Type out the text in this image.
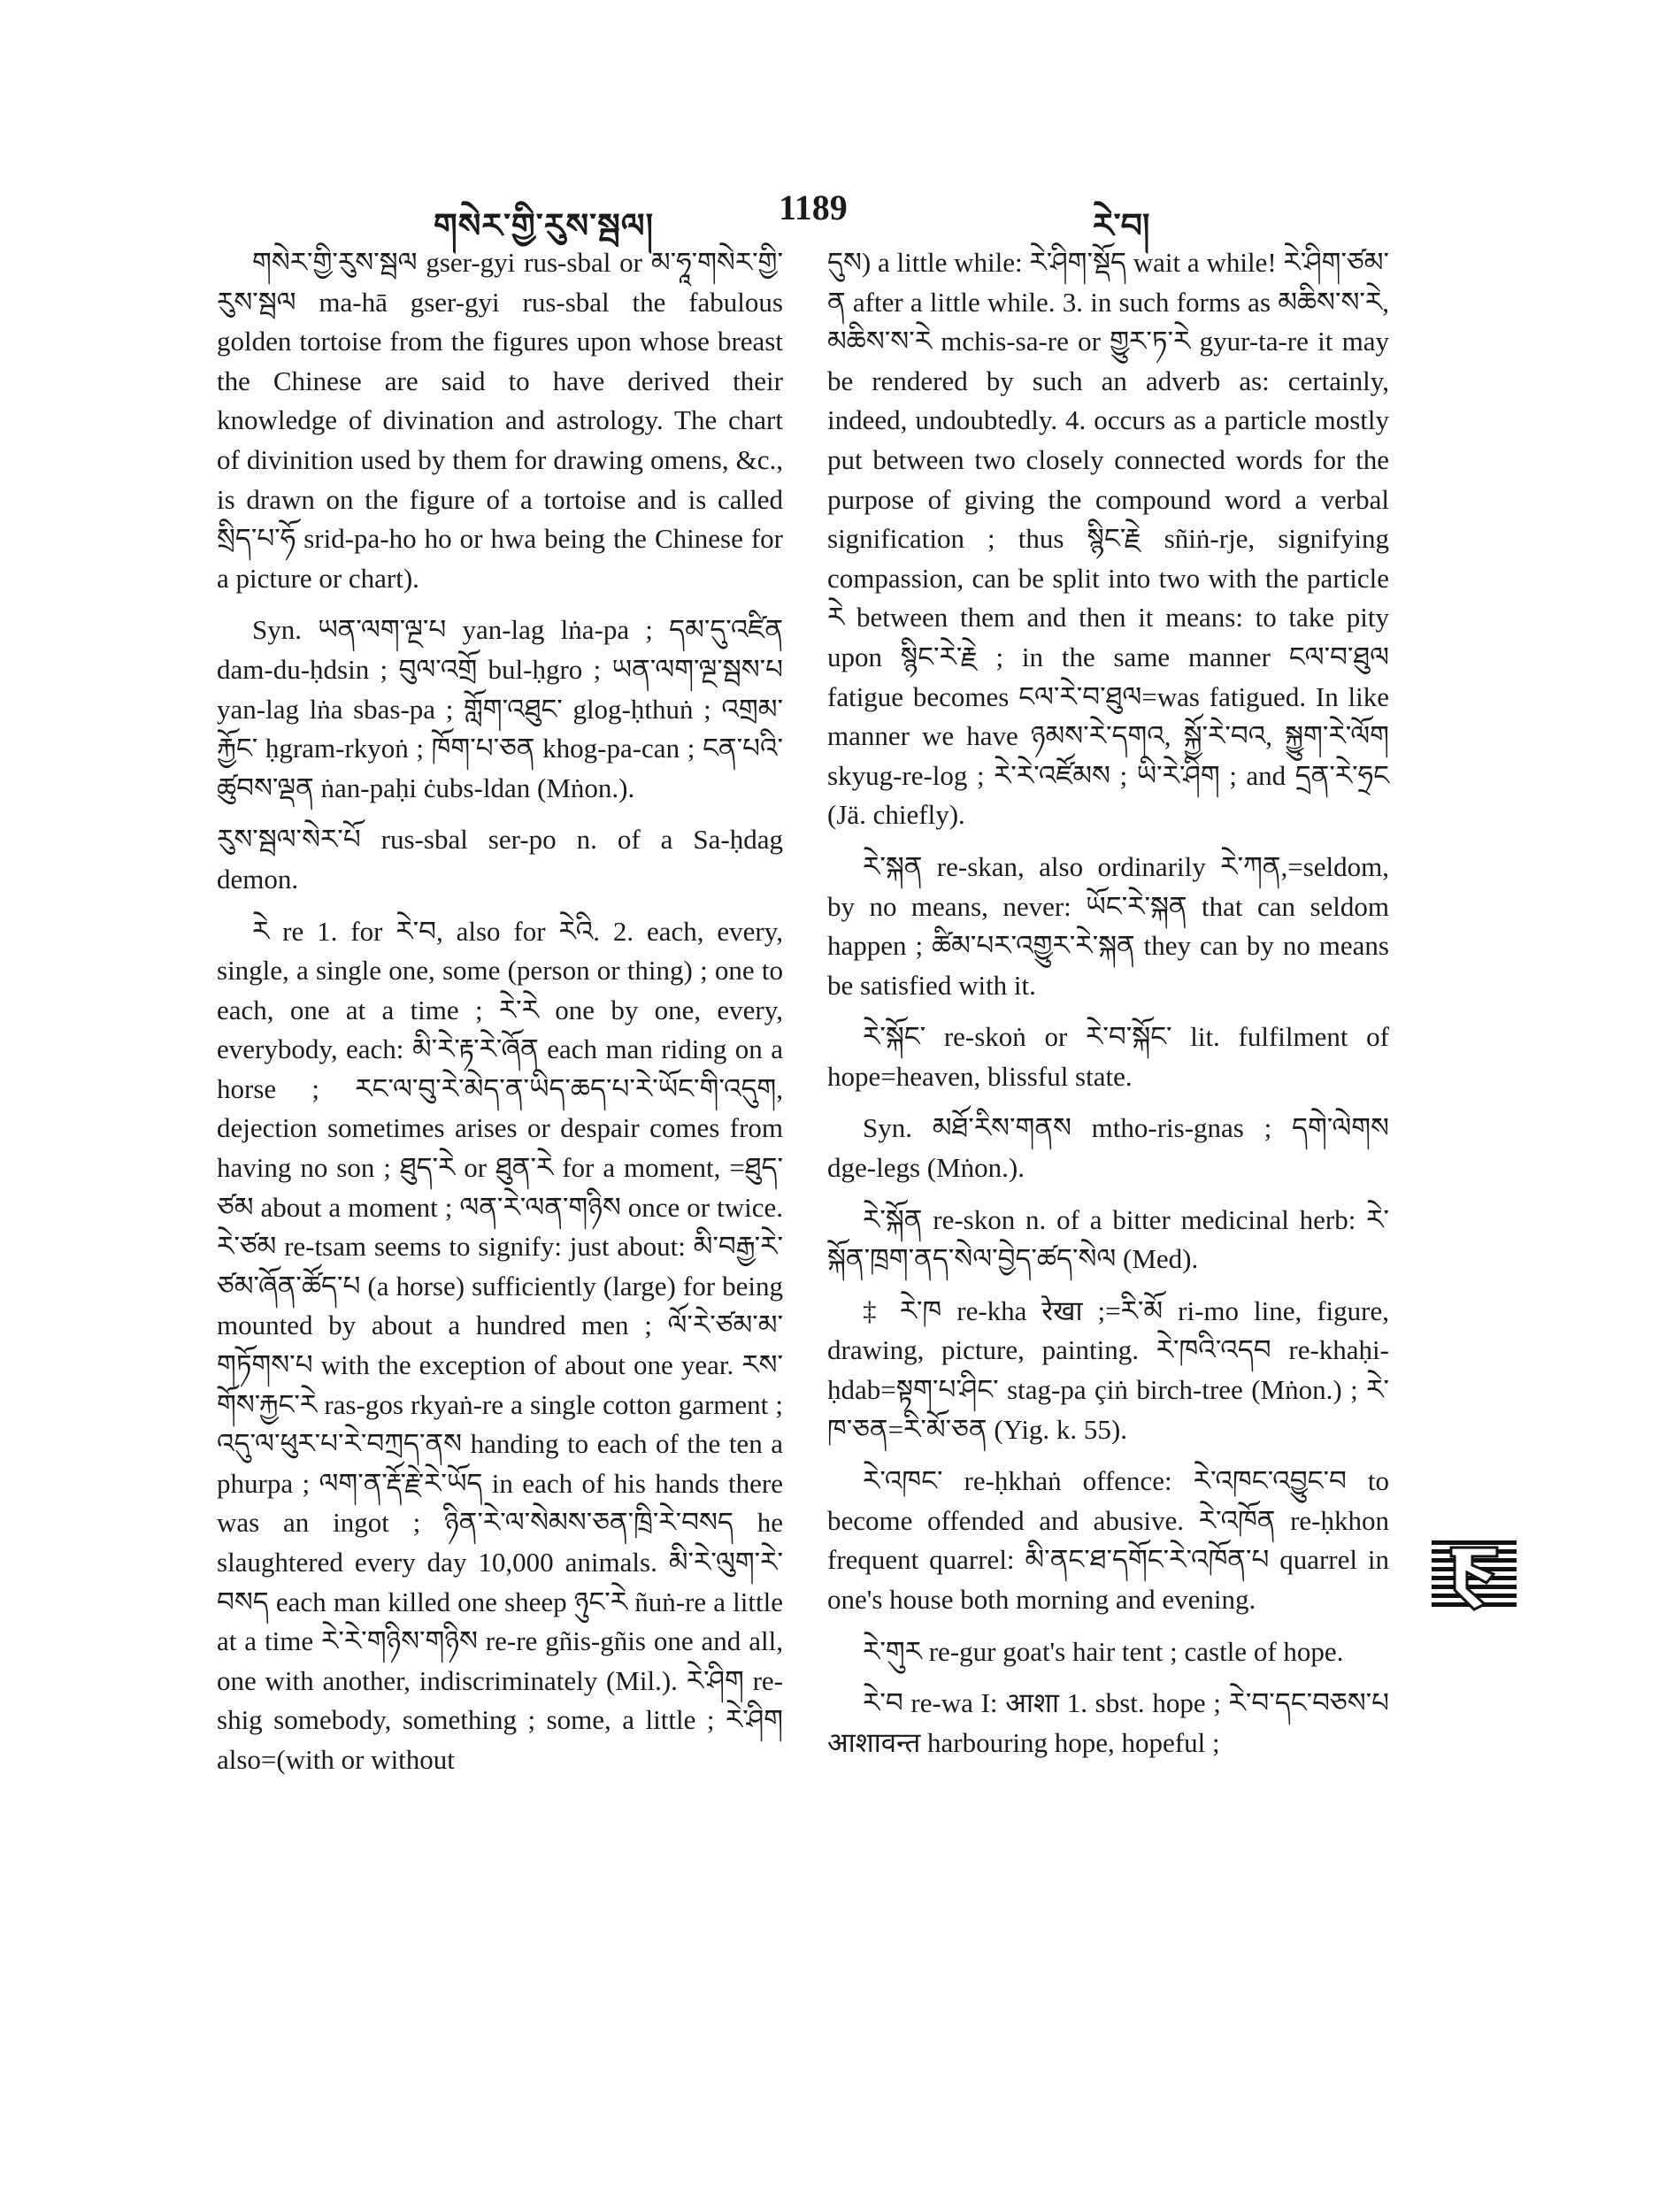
གསེར་གྱི་རུས་སྦལ།	1189	རེ་བ།

གསེར་གྱི་རུས་སྦལ gser-gyi rus-sbal or མ་ཧཱ་གསེར་གྱི་རུས་སྦལ ma-hā gser-gyi rus-sbal the fabulous golden tortoise from the figures upon whose breast the Chinese are said to have derived their knowledge of divination and astrology. The chart of divinition used by them for drawing omens, &c., is drawn on the figure of a tortoise and is called སྲིད་པ་ཧོ srid-pa-ho ho or hwa being the Chinese for a picture or chart).

Syn. ཡན་ལག་ལྔ་པ yan-lag lṅa-pa ; དམ་དུ་འཛིན dam-du-ḥdsin ; བུལ་འགྲོ bul-ḥgro ; ཡན་ལག་ལྔ་སྦས་པ yan-lag lṅa sbas-pa ; གློག་འཐུང་ glog-ḥthuṅ ; འགྲམ་རྐྱོང་ ḥgram-rkyoṅ ; ཁོག་པ་ཅན khog-pa-can ; ངན་པའི་ཚུབས་ལྡན ṅan-paḥi ċubs-ldan (Mṅon.).

རུས་སྦལ་སེར་པོ rus-sbal ser-po n. of a Sa-ḥdag demon.

རེ re 1. for རེ་བ, also for རེའི. 2. each, every, single, a single one, some (person or thing) ; one to each, one at a time ; རེ་རེ one by one, every, everybody, each: མི་རེ་རྟ་རེ་ཞོན each man riding on a horse ; རང་ལ་བུ་རེ་མེད་ན་ཡིད་ཆད་པ་རེ་ཡོང་གི་འདུག, dejection sometimes arises or despair comes from having no son ; ཐུད་རེ or ཐུན་རེ for a moment, =ཐུད་ཙམ about a moment ; ལན་རེ་ལན་གཉིས once or twice. རེ་ཙམ re-tsam seems to signify: just about: མི་བརྒྱ་རེ་ཙམ་ཞོན་ཚོད་པ (a horse) sufficiently (large) for being mounted by about a hundred men ; ལོ་རེ་ཙམ་མ་གཏོགས་པ with the exception of about one year. རས་གོས་རྐྱང་རེ ras-gos rkyaṅ-re a single cotton garment ; འདུ་ལ་ཕུར་པ་རེ་བཀྲད་ནས handing to each of the ten a phurpa ; ལག་ན་རྡོ་རྗེ་རེ་ཡོད in each of his hands there was an ingot ; ཉིན་རེ་ལ་སེམས་ཅན་ཁྲི་རེ་བསད he slaughtered every day 10,000 animals. མི་རེ་ལུག་རེ་བསད each man killed one sheep ཉུང་རེ ñuṅ-re a little at a time རེ་རེ་གཉིས་གཉིས re-re gñis-gñis one and all, one with another, indiscriminately (Mil.). རེ་ཤིག re-shig somebody, something ; some, a little ; རེ་ཤིག also=(with or without

དུས) a little while: རེ་ཤིག་སྡོད wait a while! རེ་ཤིག་ཙམ་ན after a little while. 3. in such forms as མཆིས་ས་རེ, མཆིས་ས་རེ mchis-sa-re or གྱུར་ཏ་རེ gyur-ta-re it may be rendered by such an adverb as: certainly, indeed, undoubtedly. 4. occurs as a particle mostly put between two closely connected words for the purpose of giving the compound word a verbal signification ; thus སྙིང་རྗེ sñiṅ-rje, signifying compassion, can be split into two with the particle རེ between them and then it means: to take pity upon སྙིང་རེ་རྗེ ; in the same manner ངལ་བ་ཐུལ fatigue becomes ངལ་རེ་བ་ཐུལ=was fatigued. In like manner we have ཉམས་རེ་དགའ, སྐྱོ་རེ་བའ, སྐྱུག་རེ་ལོག skyug-re-log ; རེ་རེ་འཛོམས ; ཡི་རེ་ཤིག ; and དྲན་རེ་ཧྲང (Jä. chiefly).

རེ་སྐན re-skan, also ordinarily རེ་ཀན,=seldom, by no means, never: ཡོང་རེ་སྐན that can seldom happen ; ཚིམ་པར་འགྱུར་རེ་སྐན they can by no means be satisfied with it.

རེ་སྐོང་ re-skoṅ or རེ་བ་སྐོང་ lit. fulfilment of hope=heaven, blissful state.

Syn. མཐོ་རིས་གནས mtho-ris-gnas ; དགེ་ལེགས dge-legs (Mṅon.).

རེ་སྐོན re-skon n. of a bitter medicinal herb: རེ་སྐོན་ཁྲག་ནད་སེལ་བྱེད་ཚད་སེལ (Med).

‡ རེ་ཁ re-kha रेखा ;=རི་མོ ri-mo line, figure, drawing, picture, painting. རེ་ཁའི་འདབ re-khaḥi-ḥdab=སྟག་པ་ཤིང་ stag-pa çiṅ birch-tree (Mṅon.) ; རེ་ཁ་ཅན=རི་མོ་ཅན (Yig. k. 55).

རེ་འཁང་ re-ḥkhaṅ offence: རེ་འཁང་འབྱུང་བ to become offended and abusive. རེ་འཁོན re-ḥkhon frequent quarrel: མི་ནང་ཐ་དགོང་རེ་འཁོན་པ quarrel in one's house both morning and evening.

རེ་གུར re-gur goat's hair tent ; castle of hope.

རེ་བ re-wa I: आशा 1. sbst. hope ; རེ་བ་དང་བཅས་པ आशावन्त harbouring hope, hopeful ;
